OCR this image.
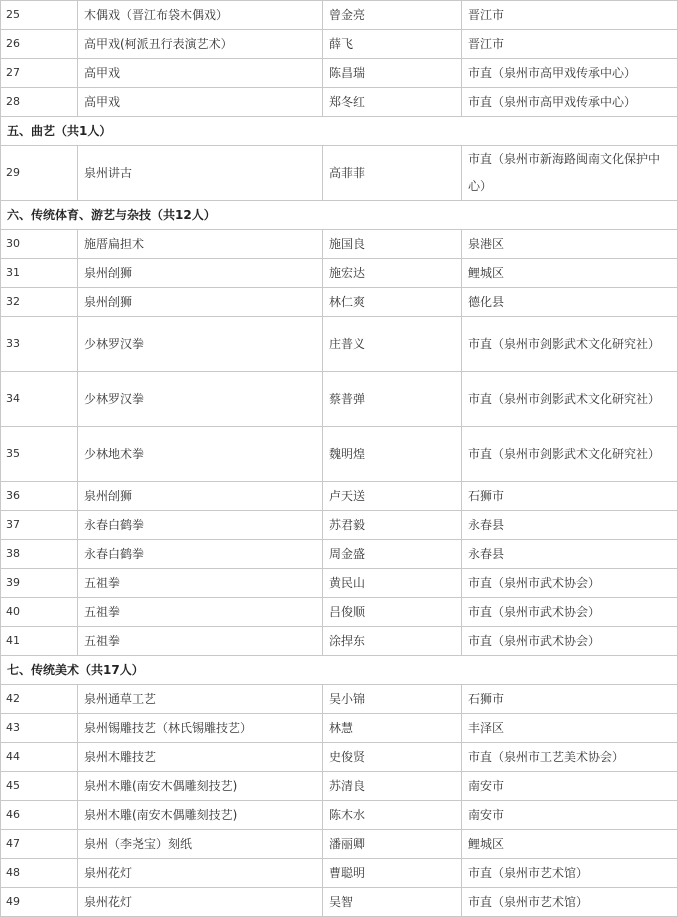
25	木偶戏（晋江布袋木偶戏）	曾金亮	晋江市
26	高甲戏(柯派丑行表演艺术）	薛飞	晋江市
27	高甲戏	陈昌瑞	市直（泉州市高甲戏传承中心）
28	高甲戏	郑冬红	市直（泉州市高甲戏传承中心）
五、曲艺（共1人）			
29	泉州讲古	高菲菲	市直（泉州市新海路闽南文化保护中心）
六、传统体育、游艺与杂技（共12人）			
30	施厝扁担术	施国良	泉港区
31	泉州刣狮	施宏达	鲤城区
32	泉州刣狮	林仁爽	德化县
33	少林罗汉拳	庄普义	市直（泉州市剑影武术文化研究社）
34	少林罗汉拳	蔡普弹	市直（泉州市剑影武术文化研究社）
35	少林地术拳	魏明煌	市直（泉州市剑影武术文化研究社）
36	泉州刣狮	卢天送	石狮市
37	永春白鹤拳	苏君毅	永春县
38	永春白鹤拳	周金盛	永春县
39	五祖拳	黄民山	市直（泉州市武术协会）
40	五祖拳	吕俊顺	市直（泉州市武术协会）
41	五祖拳	涂捍东	市直（泉州市武术协会）
七、传统美术（共17人）			
42	泉州通草工艺	吴小锦	石狮市
43	泉州锡雕技艺（林氏锡雕技艺）	林慧	丰泽区
44	泉州木雕技艺	史俊贤	市直（泉州市工艺美术协会）
45	泉州木雕(南安木偶雕刻技艺)	苏清良	南安市
46	泉州木雕(南安木偶雕刻技艺)	陈木水	南安市
47	泉州（李尧宝）刻纸	潘丽卿	鲤城区
48	泉州花灯	曹聪明	市直（泉州市艺术馆）
49	泉州花灯	吴智	市直（泉州市艺术馆）
